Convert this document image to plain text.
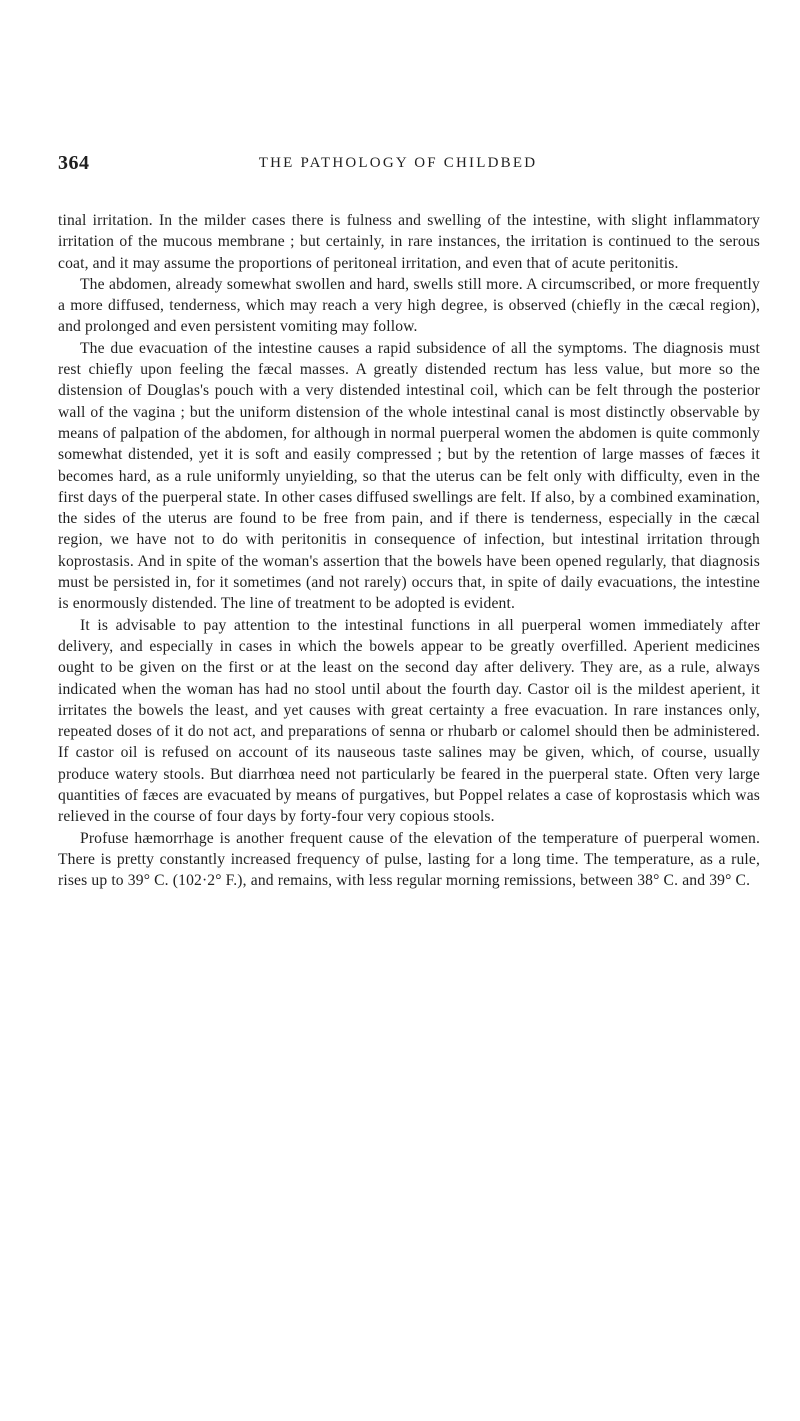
364	THE PATHOLOGY OF CHILDBED

tinal irritation. In the milder cases there is fulness and swelling of the intestine, with slight inflammatory irritation of the mucous membrane ; but certainly, in rare instances, the irritation is continued to the serous coat, and it may assume the proportions of peritoneal irritation, and even that of acute peritonitis.

The abdomen, already somewhat swollen and hard, swells still more. A circumscribed, or more frequently a more diffused, tenderness, which may reach a very high degree, is observed (chiefly in the cæcal region), and prolonged and even persistent vomiting may follow.

The due evacuation of the intestine causes a rapid subsidence of all the symptoms. The diagnosis must rest chiefly upon feeling the fæcal masses. A greatly distended rectum has less value, but more so the distension of Douglas's pouch with a very distended intestinal coil, which can be felt through the posterior wall of the vagina ; but the uniform distension of the whole intestinal canal is most distinctly observable by means of palpation of the abdomen, for although in normal puerperal women the abdomen is quite commonly somewhat distended, yet it is soft and easily compressed ; but by the retention of large masses of fæces it becomes hard, as a rule uniformly unyielding, so that the uterus can be felt only with difficulty, even in the first days of the puerperal state. In other cases diffused swellings are felt. If also, by a combined examination, the sides of the uterus are found to be free from pain, and if there is tenderness, especially in the cæcal region, we have not to do with peritonitis in consequence of infection, but intestinal irritation through koprostasis. And in spite of the woman's assertion that the bowels have been opened regularly, that diagnosis must be persisted in, for it sometimes (and not rarely) occurs that, in spite of daily evacuations, the intestine is enormously distended. The line of treatment to be adopted is evident.

It is advisable to pay attention to the intestinal functions in all puerperal women immediately after delivery, and especially in cases in which the bowels appear to be greatly overfilled. Aperient medicines ought to be given on the first or at the least on the second day after delivery. They are, as a rule, always indicated when the woman has had no stool until about the fourth day. Castor oil is the mildest aperient, it irritates the bowels the least, and yet causes with great certainty a free evacuation. In rare instances only, repeated doses of it do not act, and preparations of senna or rhubarb or calomel should then be administered. If castor oil is refused on account of its nauseous taste salines may be given, which, of course, usually produce watery stools. But diarrhœa need not particularly be feared in the puerperal state. Often very large quantities of fæces are evacuated by means of purgatives, but Poppel relates a case of koprostasis which was relieved in the course of four days by forty-four very copious stools.

Profuse hæmorrhage is another frequent cause of the elevation of the temperature of puerperal women. There is pretty constantly increased frequency of pulse, lasting for a long time. The temperature, as a rule, rises up to 39° C. (102·2° F.), and remains, with less regular morning remissions, between 38° C. and 39° C.
